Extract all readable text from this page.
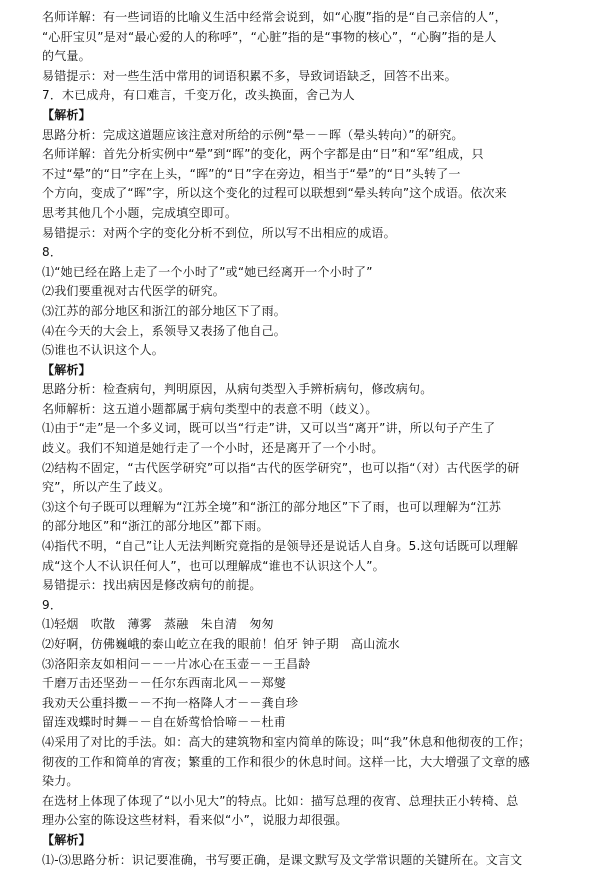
名师详解：有一些词语的比喻义生活中经常会说到，如“心腹”指的是“自己亲信的人”，
“心肝宝贝”是对“最心爱的人的称呼”，“心脏”指的是“事物的核心”，“心胸”指的是人
的气量。
易错提示：对一些生活中常用的词语积累不多，导致词语缺乏，回答不出来。
7．木已成舟，有口难言，千变万化，改头换面，舍己为人
【解析】
思路分析：完成这道题应该注意对所给的示例“晕－－晖（晕头转向）”的研究。
名师详解：首先分析实例中“晕”到“晖”的变化，两个字都是由“日”和“军”组成，只
不过“晕”的“日”字在上头，“晖”的“日”字在旁边，相当于“晕”的“日”头转了一
个方向，变成了“晖”字，所以这个变化的过程可以联想到“晕头转向”这个成语。依次来
思考其他几个小题，完成填空即可。
易错提示：对两个字的变化分析不到位，所以写不出相应的成语。
8．
⑴“她已经在路上走了一个小时了”或“她已经离开一个小时了”
⑵我们要重视对古代医学的研究。
⑶江苏的部分地区和浙江的部分地区下了雨。
⑷在今天的大会上，系领导又表扬了他自己。
⑸谁也不认识这个人。
【解析】
思路分析：检查病句，判明原因，从病句类型入手辨析病句，修改病句。
名师解析：这五道小题都属于病句类型中的表意不明（歧义）。
⑴由于“走”是一个多义词，既可以当“行走”讲，又可以当“离开”讲，所以句子产生了
歧义。我们不知道是她行走了一个小时，还是离开了一个小时。
⑵结构不固定，“古代医学研究”可以指“古代的医学研究”，也可以指“（对）古代医学的研
究”，所以产生了歧义。
⑶这个句子既可以理解为“江苏全境”和“浙江的部分地区”下了雨，也可以理解为“江苏
的部分地区”和“浙江的部分地区”都下雨。
⑷指代不明，“自己”让人无法判断究竟指的是领导还是说话人自身。5.这句话既可以理解
成“这个人不认识任何人”，也可以理解成“谁也不认识这个人”。
易错提示：找出病因是修改病句的前提。
9．
⑴轻烟　吹散　薄雾　蒸融　朱自清　匆匆
⑵好啊，仿佛巍峨的泰山屹立在我的眼前！伯牙 钟子期　高山流水
⑶洛阳亲友如相问－－一片冰心在玉壶－－王昌龄
千磨万击还坚劲－－任尔东西南北风－－郑燮
我劝天公重抖擞－－不拘一格降人才－－龚自珍
留连戏蝶时时舞－－自在娇莺恰恰啼－－杜甫
⑷采用了对比的手法。如：高大的建筑物和室内简单的陈设；叫“我”休息和他彻夜的工作；
彻夜的工作和简单的宵夜；繁重的工作和很少的休息时间。这样一比，大大增强了文章的感
染力。
在选材上体现了体现了“以小见大”的特点。比如：描写总理的夜宵、总理扶正小转椅、总
理办公室的陈设这些材料，看来似“小”，说服力却很强。
【解析】
⑴-⑶思路分析：识记要准确，书写要正确，是课文默写及文学常识题的关键所在。文言文
